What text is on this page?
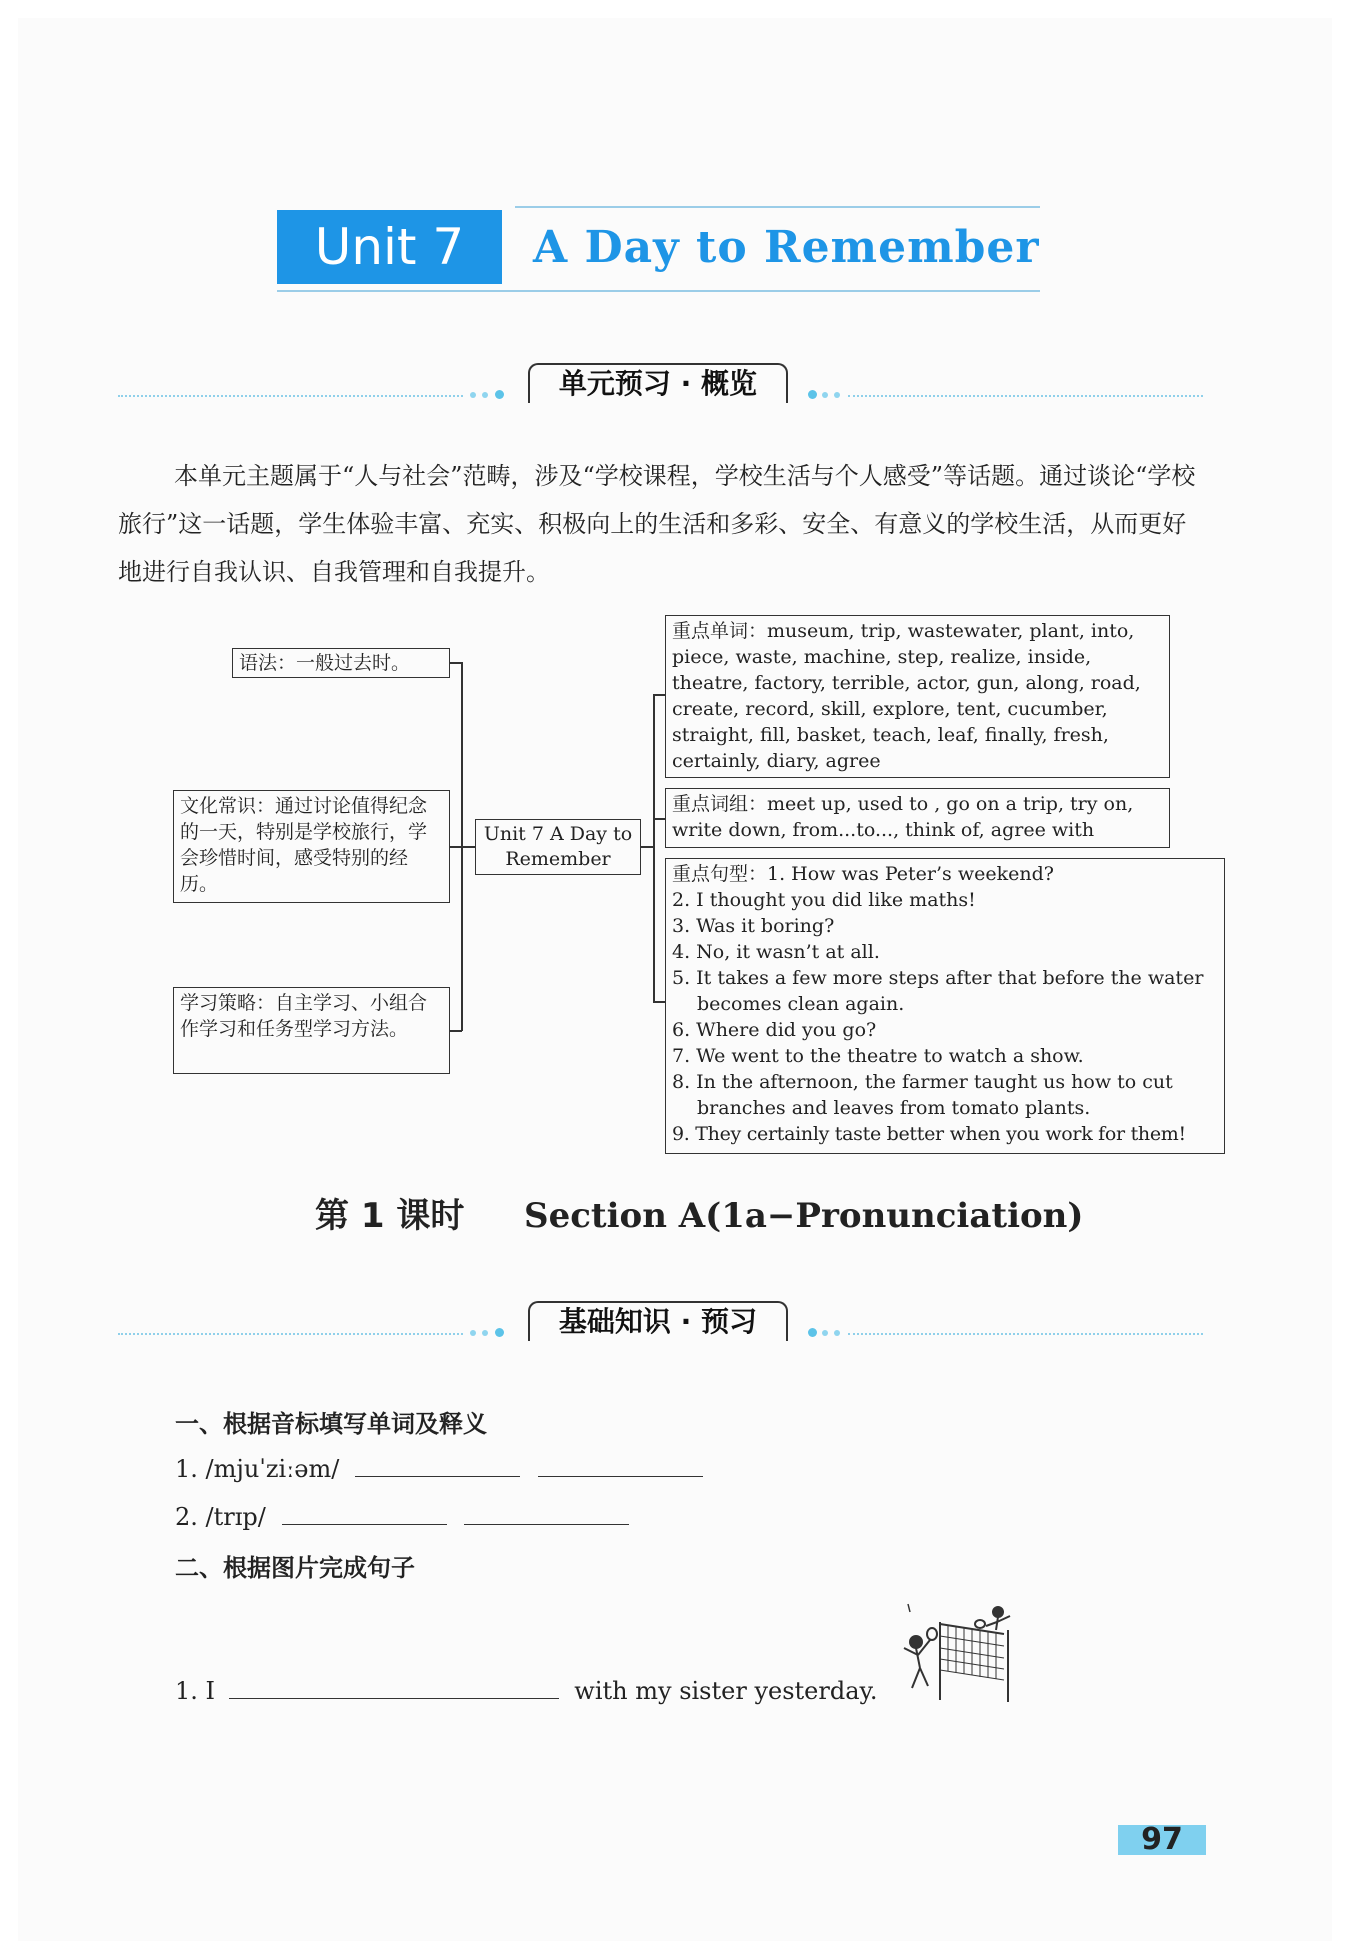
Unit 7	A Day to Remember
单元预习 · 概览

本单元主题属于“人与社会”范畴，涉及“学校课程，学校生活与个人感受”等话题。通过谈论“学校旅行”这一话题，学生体验丰富、充实、积极向上的生活和多彩、安全、有意义的学校生活，从而更好地进行自我认识、自我管理和自我提升。

语法：一般过去时。
文化常识：通过讨论值得纪念的一天，特别是学校旅行，学会珍惜时间，感受特别的经历。
学习策略：自主学习、小组合作学习和任务型学习方法。
Unit 7 A Day to Remember
重点单词：museum, trip, wastewater, plant, into, piece, waste, machine, step, realize, inside, theatre, factory, terrible, actor, gun, along, road, create, record, skill, explore, tent, cucumber, straight, fill, basket, teach, leaf, finally, fresh, certainly, diary, agree
重点词组：meet up, used to , go on a trip, try on, write down, from...to..., think of, agree with

重点句型：1. How was Peter’s weekend?

2. I thought you did like maths!

3. Was it boring?

4. No, it wasn’t at all.

5. It takes a few more steps after that before the water becomes clean again.

6. Where did you go?

7. We went to the theatre to watch a show.

8. In the afternoon, the farmer taught us how to cut branches and leaves from tomato plants.

9. They certainly taste better when you work for them!

第 1 课时 Section A(1a−Pronunciation)
基础知识 · 预习
一、根据音标填写单词及释义
1. /mjuˈziːəm/
2. /trɪp/
二、根据图片完成句子
1. I	with my sister yesterday.
97
